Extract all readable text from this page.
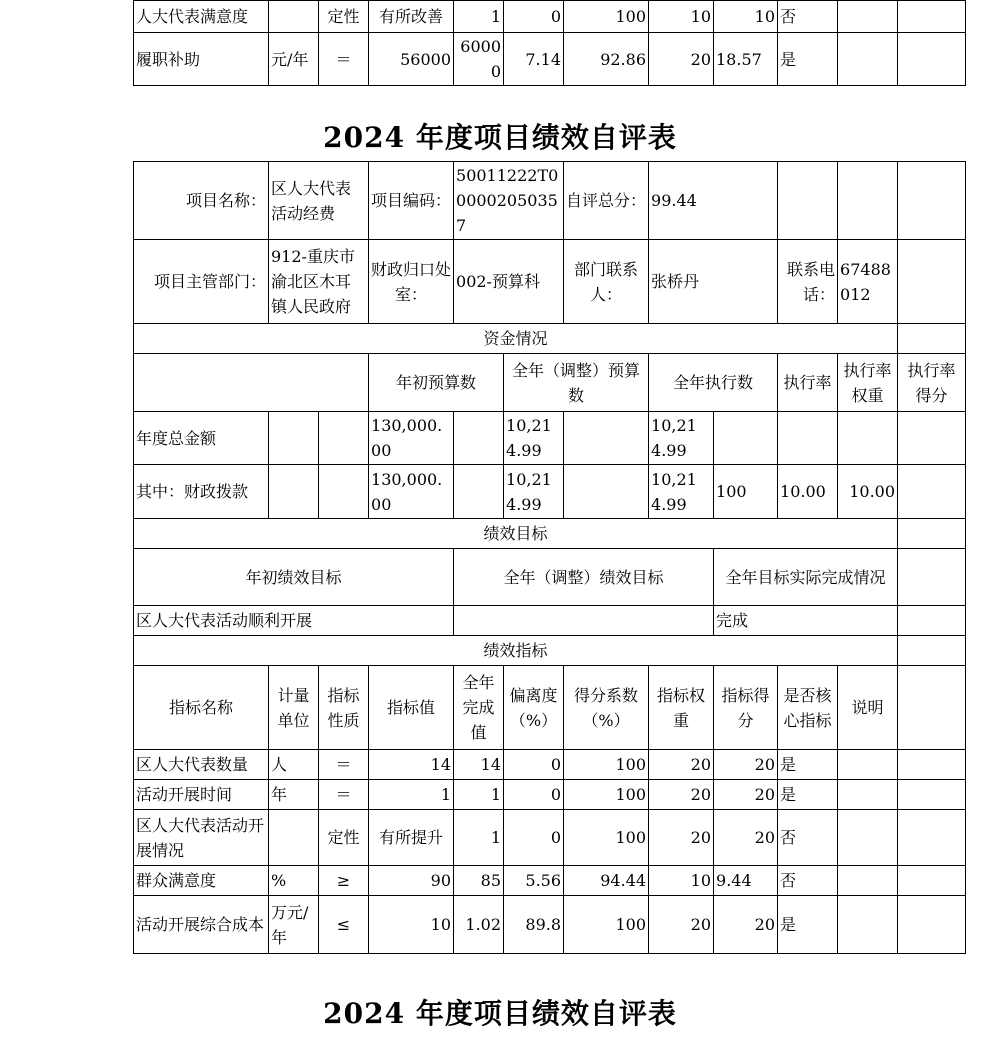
人大代表满意度		定性	有所改善	1	0	100	10	10	否		
履职补助	元/年	＝	56000	60000	7.14	92.86	20	18.57	是		
2024 年度项目绩效自评表
项目名称：	区人大代表活动经费		项目编码：	50011222T000002050357		自评总分：	99.44				
项目主管部门：	912-重庆市渝北区木耳镇人民政府		财政归口处室：	002-预算科		部门联系人：	张桥丹		联系电话：	67488012	
资金情况											
			年初预算数		全年（调整）预算数		全年执行数		执行率	执行率权重	执行率得分
年度总金额			130,000.00		10,214.99		10,214.99				
其中：财政拨款			130,000.00		10,214.99		10,214.99	100	10.00	10.00	
绩效目标											
年初绩效目标				全年（调整）绩效目标				全年目标实际完成情况			
区人大代表活动顺利开展								完成			
绩效指标											
指标名称	计量单位	指标性质	指标值	全年完成值	偏离度（%）	得分系数（%）	指标权重	指标得分	是否核心指标	说明	
区人大代表数量	人	＝	14	14	0	100	20	20	是		
活动开展时间	年	＝	1	1	0	100	20	20	是		
区人大代表活动开展情况		定性	有所提升	1	0	100	20	20	否		
群众满意度	%	≥	90	85	5.56	94.44	10	9.44	否		
活动开展综合成本	万元/年	≤	10	1.02	89.8	100	20	20	是		
2024 年度项目绩效自评表
